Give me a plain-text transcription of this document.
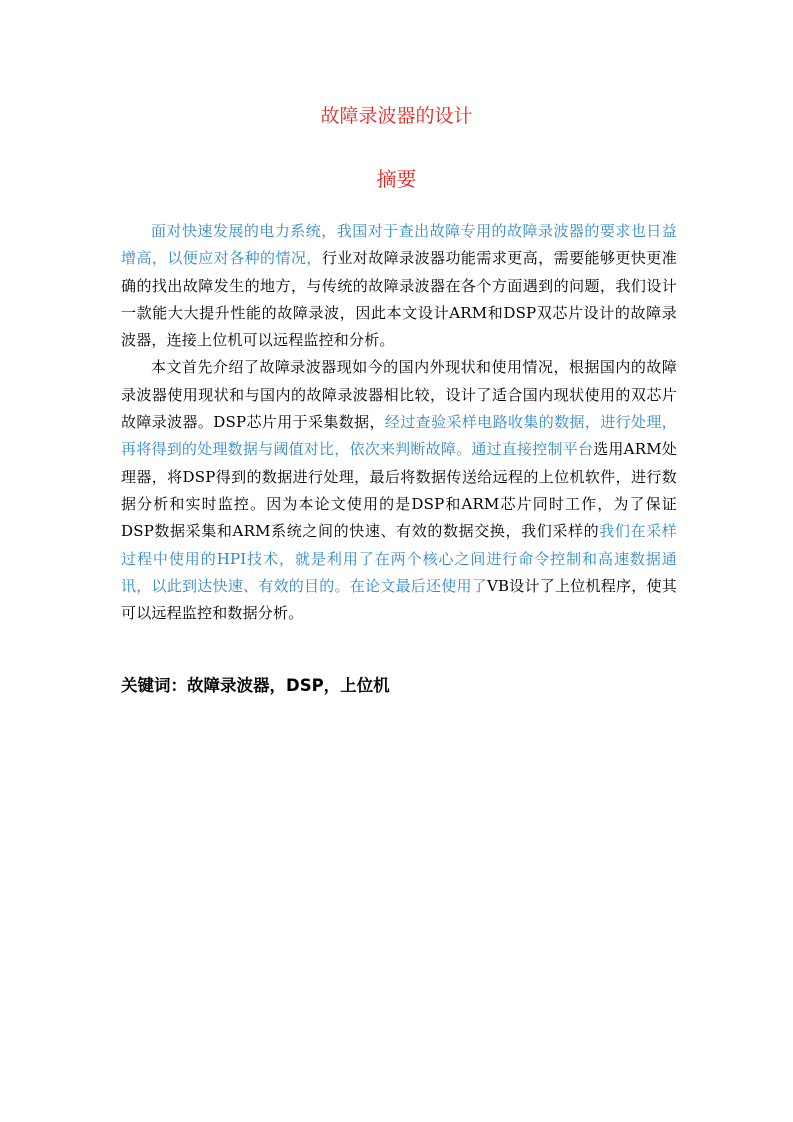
故障录波器的设计
摘要

面对快速发展的电力系统，我国对于查出故障专用的故障录波器的要求也日益增高，以便应对各种的情况，行业对故障录波器功能需求更高，需要能够更快更准确的找出故障发生的地方，与传统的故障录波器在各个方面遇到的问题，我们设计一款能大大提升性能的故障录波，因此本文设计ARM和DSP双芯片设计的故障录波器，连接上位机可以远程监控和分析。

本文首先介绍了故障录波器现如今的国内外现状和使用情况，根据国内的故障录波器使用现状和与国内的故障录波器相比较，设计了适合国内现状使用的双芯片故障录波器。DSP芯片用于采集数据，经过查验采样电路收集的数据，进行处理，再将得到的处理数据与阈值对比，依次来判断故障。通过直接控制平台选用ARM处理器，将DSP得到的数据进行处理，最后将数据传送给远程的上位机软件，进行数据分析和实时监控。因为本论文使用的是DSP和ARM芯片同时工作，为了保证DSP数据采集和ARM系统之间的快速、有效的数据交换，我们采样的我们在采样过程中使用的HPI技术，就是利用了在两个核心之间进行命令控制和高速数据通讯，以此到达快速、有效的目的。在论文最后还使用了VB设计了上位机程序，使其可以远程监控和数据分析。

关键词：故障录波器，DSP，上位机
